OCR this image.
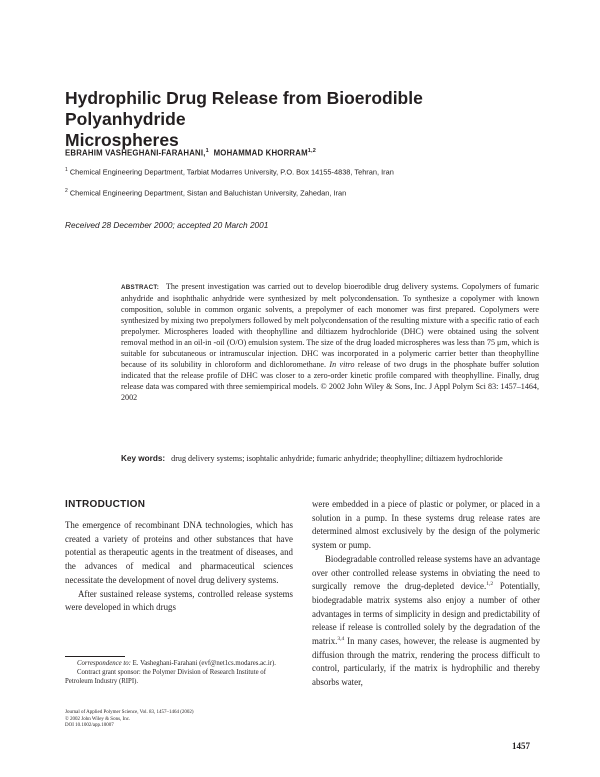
Hydrophilic Drug Release from Bioerodible Polyanhydride
Microspheres
EBRAHIM VASHEGHANI-FARAHANI,$^1$ MOHAMMAD KHORRAM$^{1,2}$
$^1$ Chemical Engineering Department, Tarbiat Modarres University, P.O. Box 14155-4838, Tehran, Iran
$^2$ Chemical Engineering Department, Sistan and Baluchistan University, Zahedan, Iran
Received 28 December 2000; accepted 20 March 2001
ABSTRACT: The present investigation was carried out to develop bioerodible drug delivery systems. Copolymers of fumaric anhydride and isophthalic anhydride were synthesized by melt polycondensation. To synthesize a copolymer with known composition, soluble in common organic solvents, a prepolymer of each monomer was first prepared. Copolymers were synthesized by mixing two prepolymers followed by melt polycondensation of the resulting mixture with a specific ratio of each prepolymer. Microspheres loaded with theophylline and diltiazem hydrochloride (DHC) were obtained using the solvent removal method in an oil-in -oil (O/O) emulsion system. The size of the drug loaded microspheres was less than 75 μm, which is suitable for subcutaneous or intramuscular injection. DHC was incorporated in a polymeric carrier better than theophylline because of its solubility in chloroform and dichloromethane. In vitro release of two drugs in the phosphate buffer solution indicated that the release profile of DHC was closer to a zero-order kinetic profile compared with theophylline. Finally, drug release data was compared with three semiempirical models. © 2002 John Wiley & Sons, Inc. J Appl Polym Sci 83: 1457–1464, 2002
Key words: drug delivery systems; isophtalic anhydride; fumaric anhydride; theophylline; diltiazem hydrochloride
INTRODUCTION

The emergence of recombinant DNA technologies, which has created a variety of proteins and other substances that have potential as therapeutic agents in the treatment of diseases, and the advances of medical and pharmaceutical sciences necessitate the development of novel drug delivery systems.

After sustained release systems, controlled release systems were developed in which drugs

were embedded in a piece of plastic or polymer, or placed in a solution in a pump. In these systems drug release rates are determined almost exclusively by the design of the polymeric system or pump.

Biodegradable controlled release systems have an advantage over other controlled release systems in obviating the need to surgically remove the drug-depleted device.$^{1,2}$ Potentially, biodegradable matrix systems also enjoy a number of other advantages in terms of simplicity in design and predictability of release if release is controlled solely by the degradation of the matrix.$^{3,4}$ In many cases, however, the release is augmented by diffusion through the matrix, rendering the process difficult to control, particularly, if the matrix is hydrophilic and thereby absorbs water,

Correspondence to: E. Vasheghani-Farahani (evf@net1cs.modares.ac.ir).

Contract grant sponsor: the Polymer Division of Research Institute of Petroleum Industry (RIPI).

Journal of Applied Polymer Science, Vol. 83, 1457–1464 (2002)
© 2002 John Wiley & Sons, Inc.
DOI 10.1002/app.10007
1457
